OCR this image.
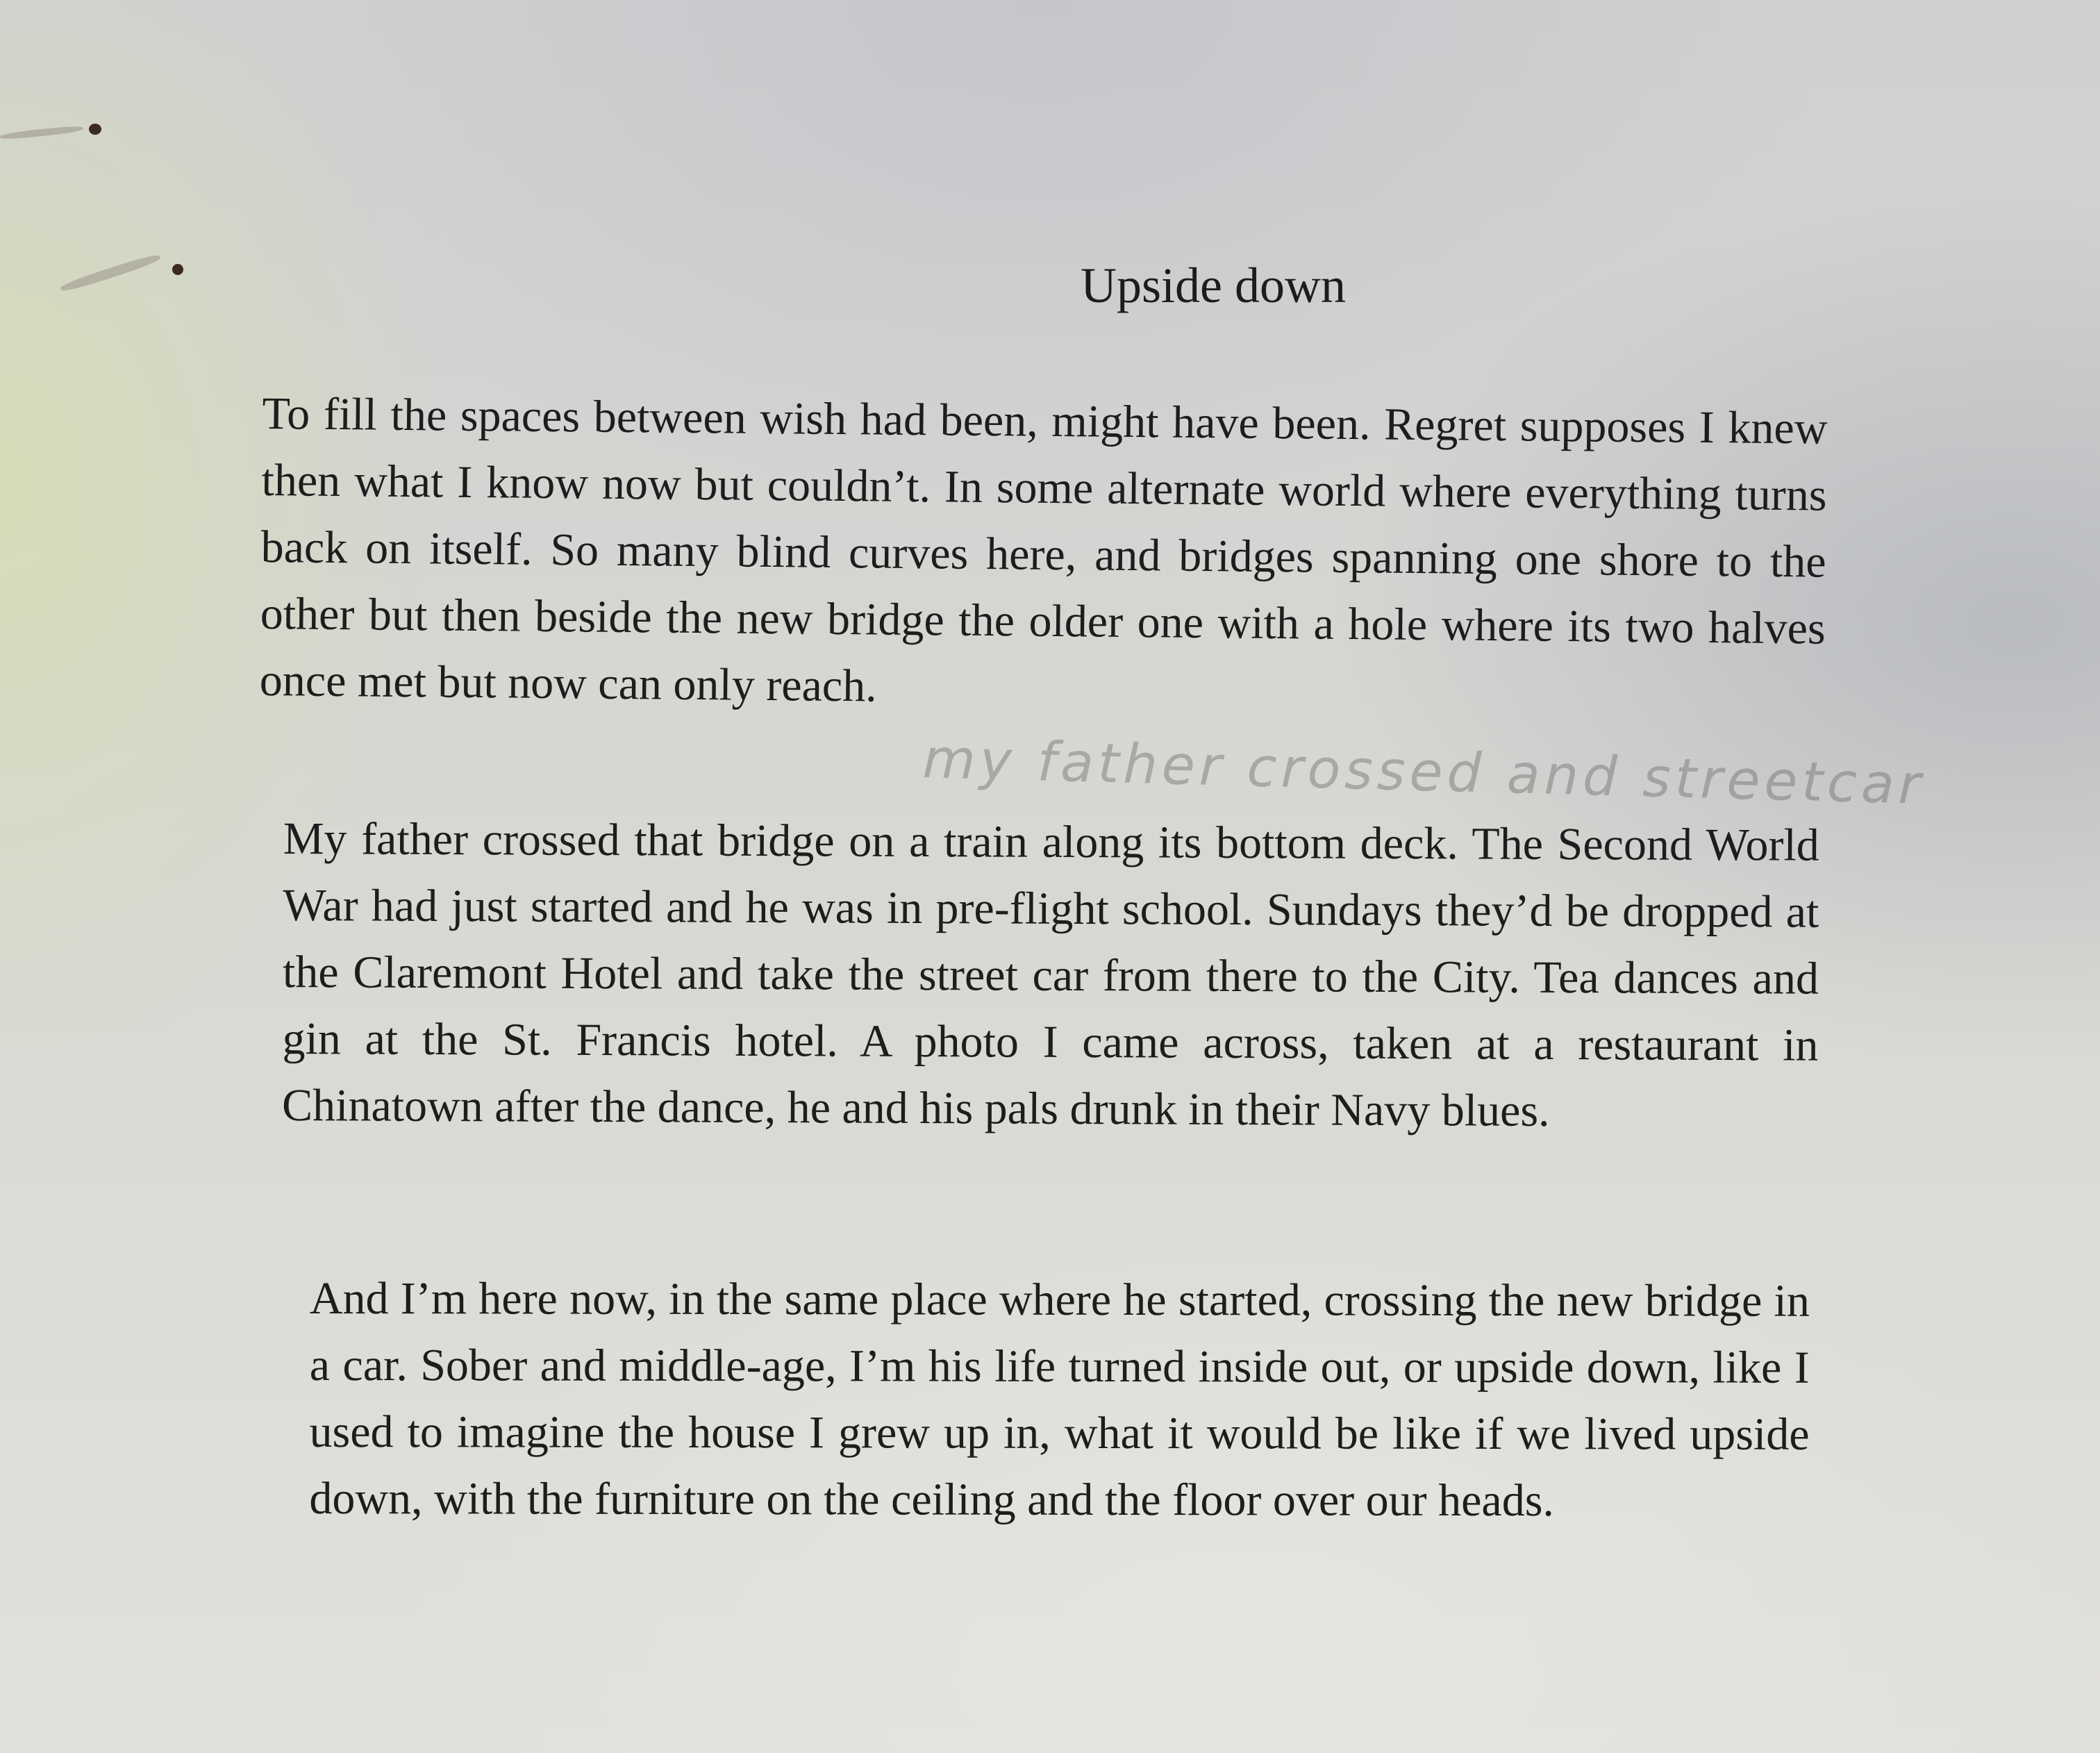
Upside down

To fill the spaces between wish had been, might have been. Regret supposes I knew then what I know now but couldn’t. In some alternate world where everything turns back on itself. So many blind curves here, and bridges spanning one shore to the other but then beside the new bridge the older one with a hole where its two halves once met but now can only reach.

my father crossed and streetcar

My father crossed that bridge on a train along its bottom deck. The Second World War had just started and he was in pre-flight school. Sundays they’d be dropped at the Claremont Hotel and take the street car from there to the City. Tea dances and gin at the St. Francis hotel. A photo I came across, taken at a restaurant in Chinatown after the dance, he and his pals drunk in their Navy blues.

And I’m here now, in the same place where he started, crossing the new bridge in a car. Sober and middle-age, I’m his life turned inside out, or upside down, like I used to imagine the house I grew up in, what it would be like if we lived upside down, with the furniture on the ceiling and the floor over our heads.
